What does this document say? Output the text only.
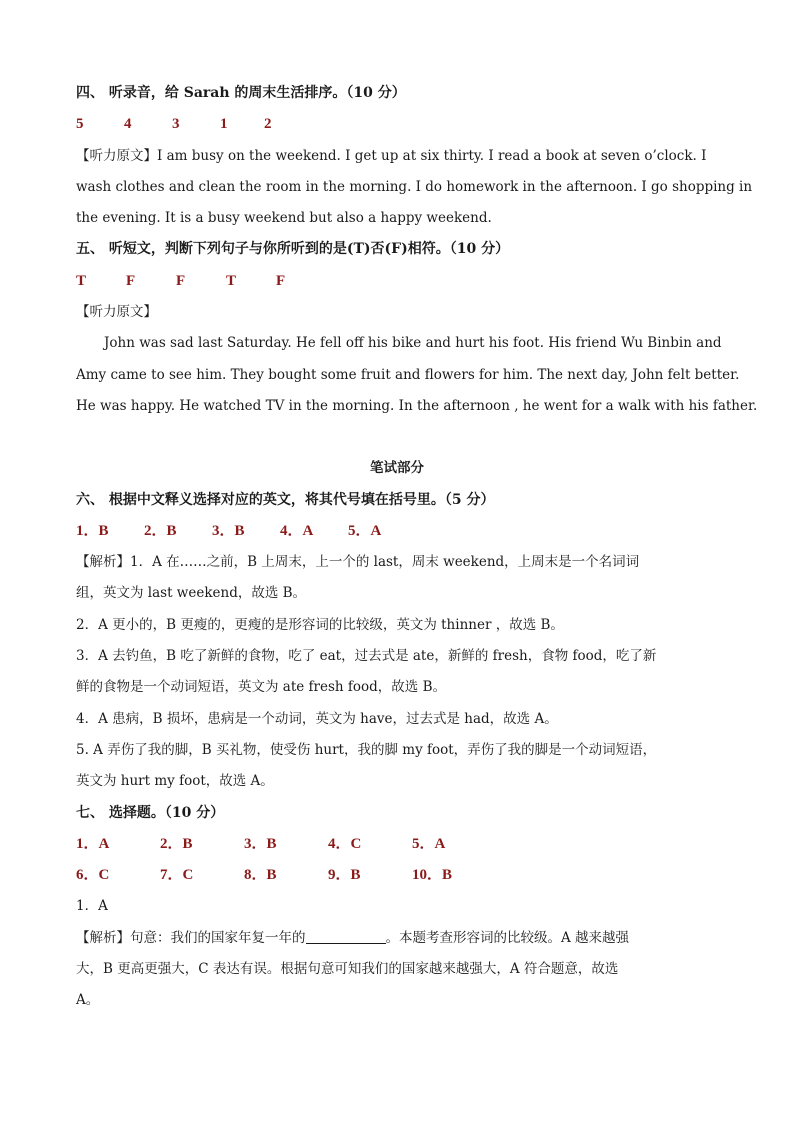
四、 听录音，给 Sarah 的周末生活排序。（10 分）
5	4	3	1 2
【听力原文】I am busy on the weekend. I get up at six thirty. I read a book at seven o’clock. I
wash clothes and clean the room in the morning. I do homework in the afternoon. I go shopping in
the evening. It is a busy weekend but also a happy weekend.
五、 听短文，判断下列句子与你所听到的是(T)否(F)相符。（10 分）
T	F	F	T	F
【听力原文】
John was sad last Saturday. He fell off his bike and hurt his foot. His friend Wu Binbin and
Amy came to see him. They bought some fruit and flowers for him. The next day, John felt better.
He was happy. He watched TV in the morning. In the afternoon , he went for a walk with his father.
笔试部分
六、 根据中文释义选择对应的英文，将其代号填在括号里。（5 分）
1．B 2．B 3．B 4．A 5．A
【解析】1．A 在……之前，B 上周末，上一个的 last，周末 weekend，上周末是一个名词词
组，英文为 last weekend，故选 B。
2．A 更小的，B 更瘦的，更瘦的是形容词的比较级，英文为 thinner ，故选 B。
3．A 去钓鱼，B 吃了新鲜的食物，吃了 eat，过去式是 ate，新鲜的 fresh，食物 food，吃了新
鲜的食物是一个动词短语，英文为 ate fresh food，故选 B。
4．A 患病，B 损坏，患病是一个动词，英文为 have，过去式是 had，故选 A。
5. A 弄伤了我的脚，B 买礼物，使受伤 hurt，我的脚 my foot，弄伤了我的脚是一个动词短语，
英文为 hurt my foot，故选 A。
七、 选择题。（10 分）
1．A	2．B	3．B	4．C	5．A
6．C	7．C	8．B	9．B	10．B
1．A
【解析】句意：我们的国家年复一年的	。本题考查形容词的比较级。A 越来越强
大，B 更高更强大，C 表达有误。根据句意可知我们的国家越来越强大，A 符合题意，故选
A。
